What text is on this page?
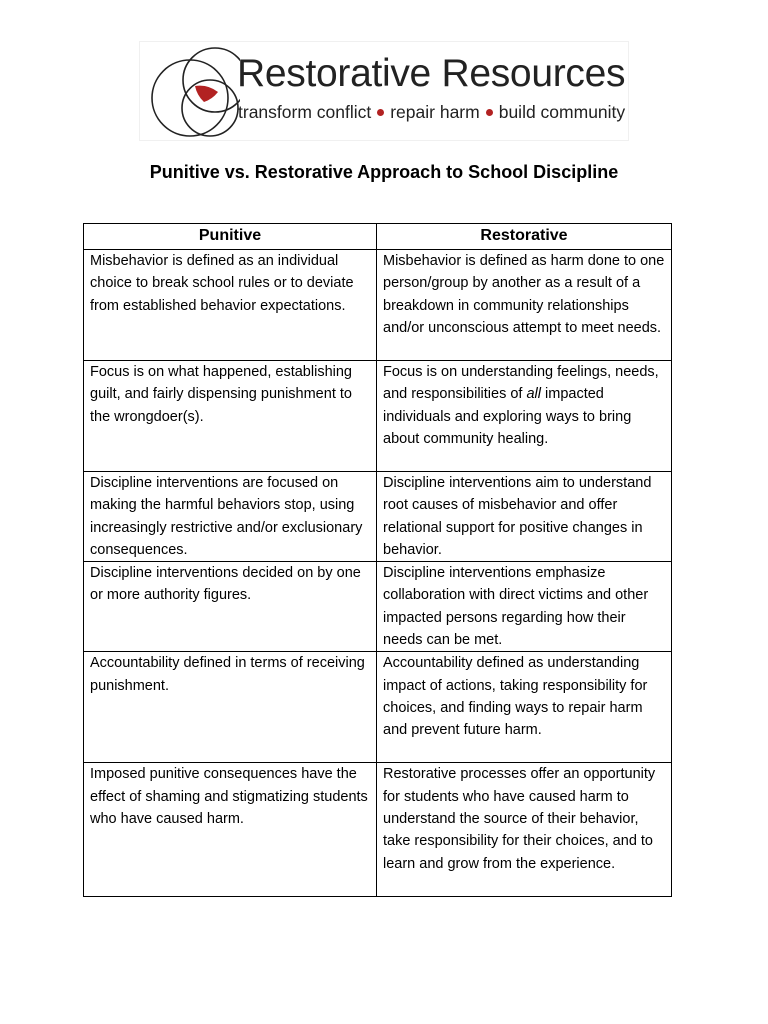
Restorative Resources
transform conflict repair harm build community
Punitive vs. Restorative Approach to School Discipline
Punitive	Restorative
Misbehavior is defined as an individual choice to break school rules or to deviate from established behavior expectations.	Misbehavior is defined as harm done to one person/group by another as a result of a breakdown in community relationships and/or unconscious attempt to meet needs.
Focus is on what happened, establishing guilt, and fairly dispensing punishment to the wrongdoer(s).	Focus is on understanding feelings, needs, and responsibilities of all impacted individuals and exploring ways to bring about community healing.
Discipline interventions are focused on making the harmful behaviors stop, using increasingly restrictive and/or exclusionary consequences.	Discipline interventions aim to understand root causes of misbehavior and offer relational support for positive changes in behavior.
Discipline interventions decided on by one or more authority figures.	Discipline interventions emphasize collaboration with direct victims and other impacted persons regarding how their needs can be met.
Accountability defined in terms of receiving punishment.	Accountability defined as understanding impact of actions, taking responsibility for choices, and finding ways to repair harm and prevent future harm.
Imposed punitive consequences have the effect of shaming and stigmatizing students who have caused harm.	Restorative processes offer an opportunity for students who have caused harm to understand the source of their behavior, take responsibility for their choices, and to learn and grow from the experience.
